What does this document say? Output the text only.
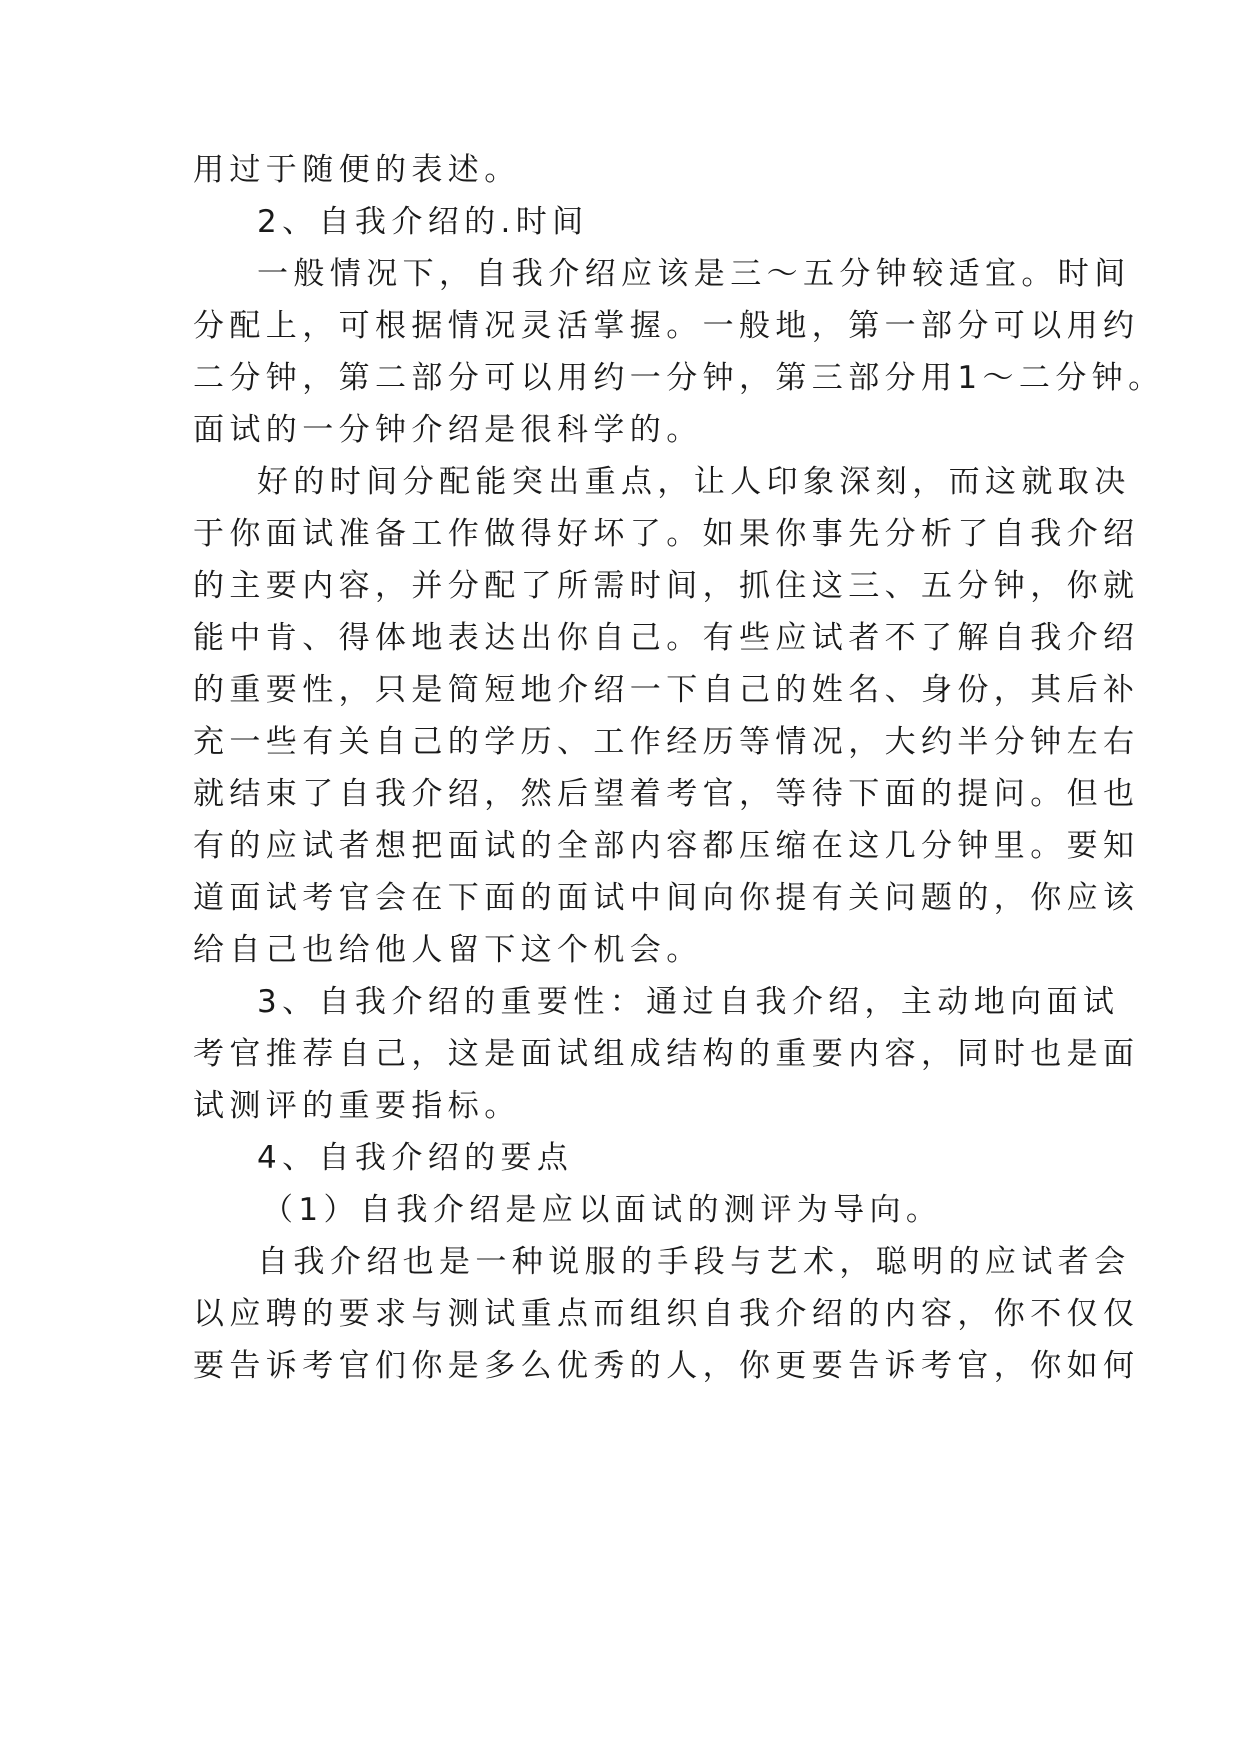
用过于随便的表述。
2、自我介绍的.时间
一般情况下，自我介绍应该是三～五分钟较适宜。时间
分配上，可根据情况灵活掌握。一般地，第一部分可以用约
二分钟，第二部分可以用约一分钟，第三部分用1～二分钟。
面试的一分钟介绍是很科学的。
好的时间分配能突出重点，让人印象深刻，而这就取决
于你面试准备工作做得好坏了。如果你事先分析了自我介绍
的主要内容，并分配了所需时间，抓住这三、五分钟，你就
能中肯、得体地表达出你自己。有些应试者不了解自我介绍
的重要性，只是简短地介绍一下自己的姓名、身份，其后补
充一些有关自己的学历、工作经历等情况，大约半分钟左右
就结束了自我介绍，然后望着考官，等待下面的提问。但也
有的应试者想把面试的全部内容都压缩在这几分钟里。要知
道面试考官会在下面的面试中间向你提有关问题的，你应该
给自己也给他人留下这个机会。
3、自我介绍的重要性：通过自我介绍，主动地向面试
考官推荐自己，这是面试组成结构的重要内容，同时也是面
试测评的重要指标。
4、自我介绍的要点
（1）自我介绍是应以面试的测评为导向。
自我介绍也是一种说服的手段与艺术，聪明的应试者会
以应聘的要求与测试重点而组织自我介绍的内容，你不仅仅
要告诉考官们你是多么优秀的人，你更要告诉考官，你如何
